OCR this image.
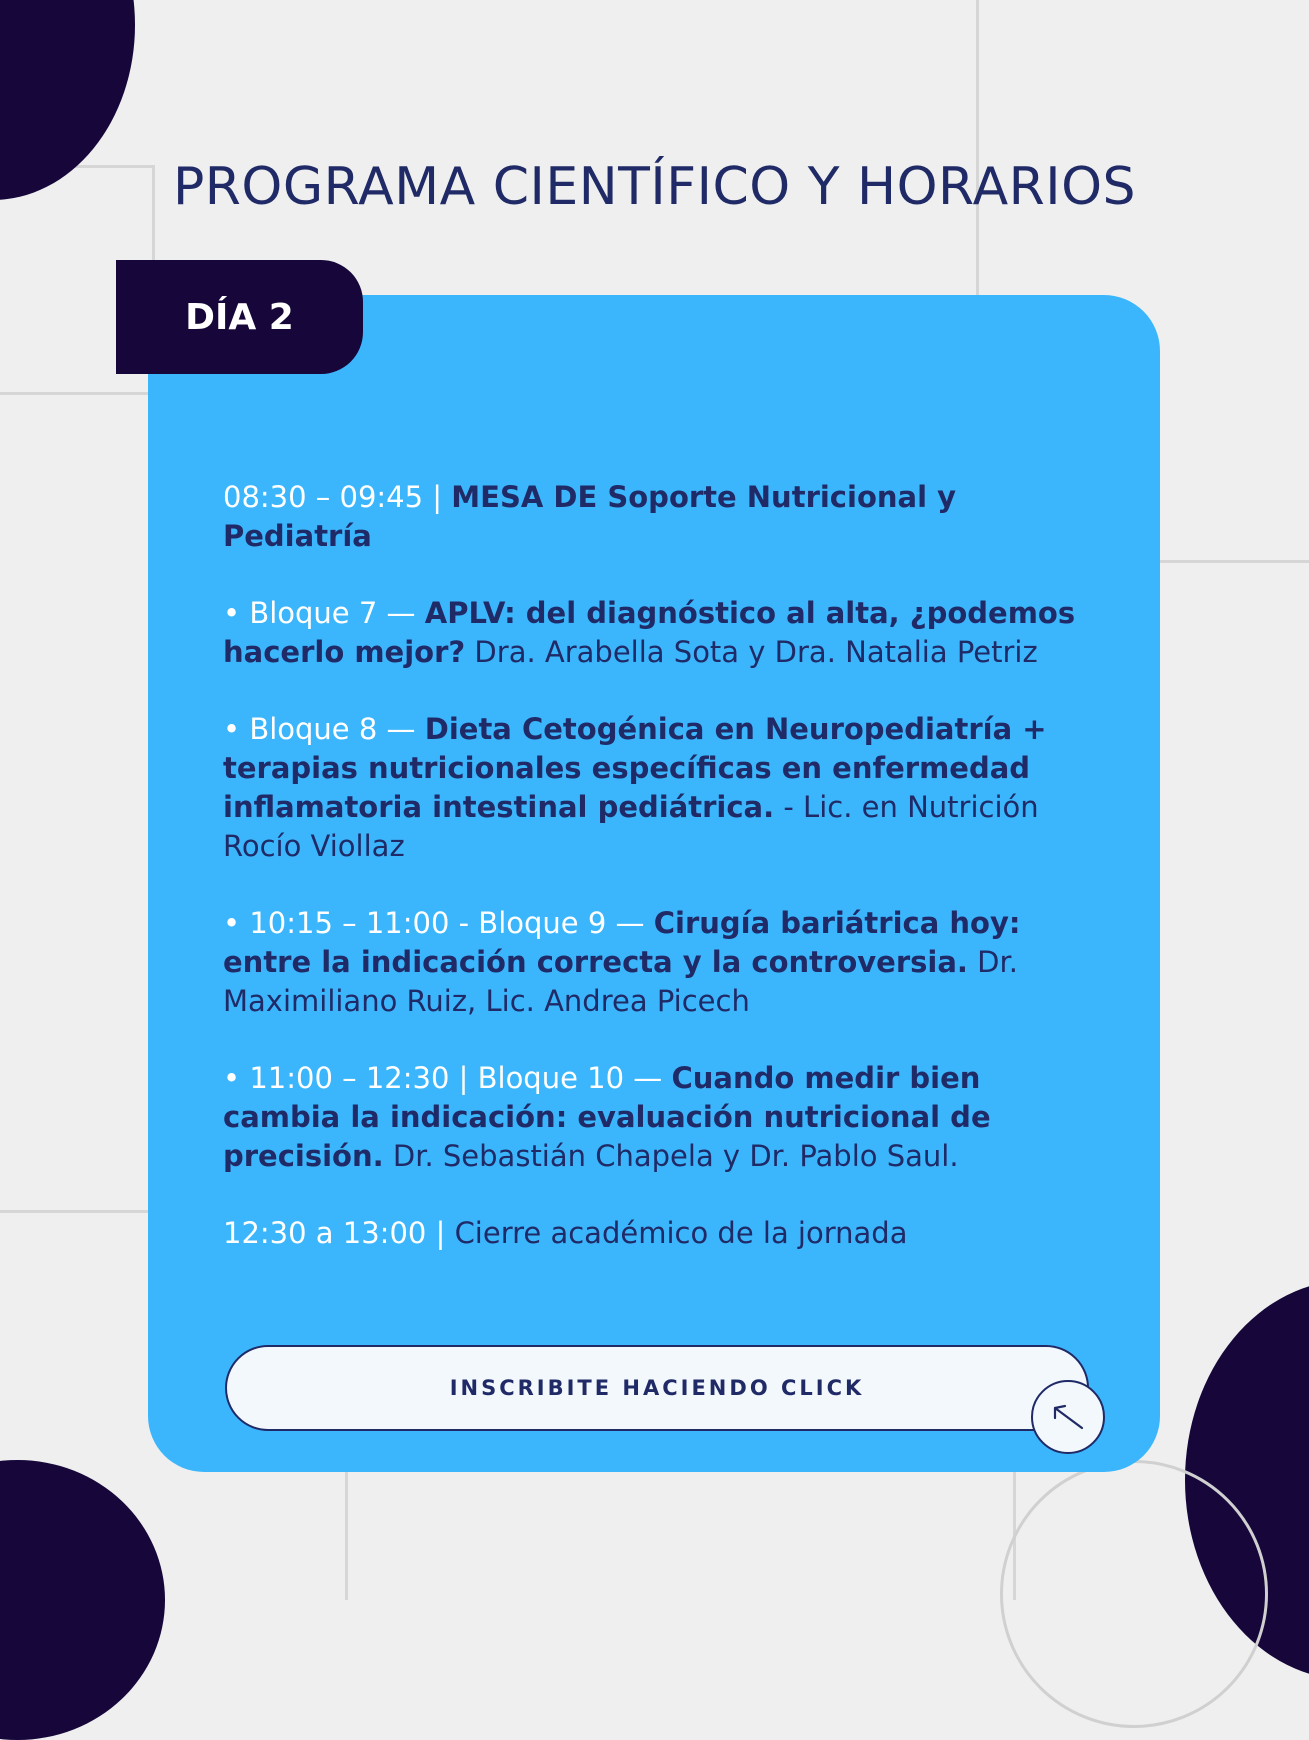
PROGRAMA CIENTÍFICO Y HORARIOS
DÍA 2

08:30 – 09:45 | MESA DE Soporte Nutricional y Pediatría

• Bloque 7 — APLV: del diagnóstico al alta, ¿podemos hacerlo mejor? Dra. Arabella Sota y Dra. Natalia Petriz

• Bloque 8 — Dieta Cetogénica en Neuropediatría + terapias nutricionales específicas en enfermedad inflamatoria intestinal pediátrica. - Lic. en Nutrición Rocío Viollaz

• 10:15 – 11:00 - Bloque 9 — Cirugía bariátrica hoy: entre la indicación correcta y la controversia. Dr. Maximiliano Ruiz, Lic. Andrea Picech

• 11:00 – 12:30 | Bloque 10 — Cuando medir bien cambia la indicación: evaluación nutricional de precisión. Dr. Sebastián Chapela y Dr. Pablo Saul.

12:30 a 13:00 | Cierre académico de la jornada

INSCRIBITE HACIENDO CLICK
